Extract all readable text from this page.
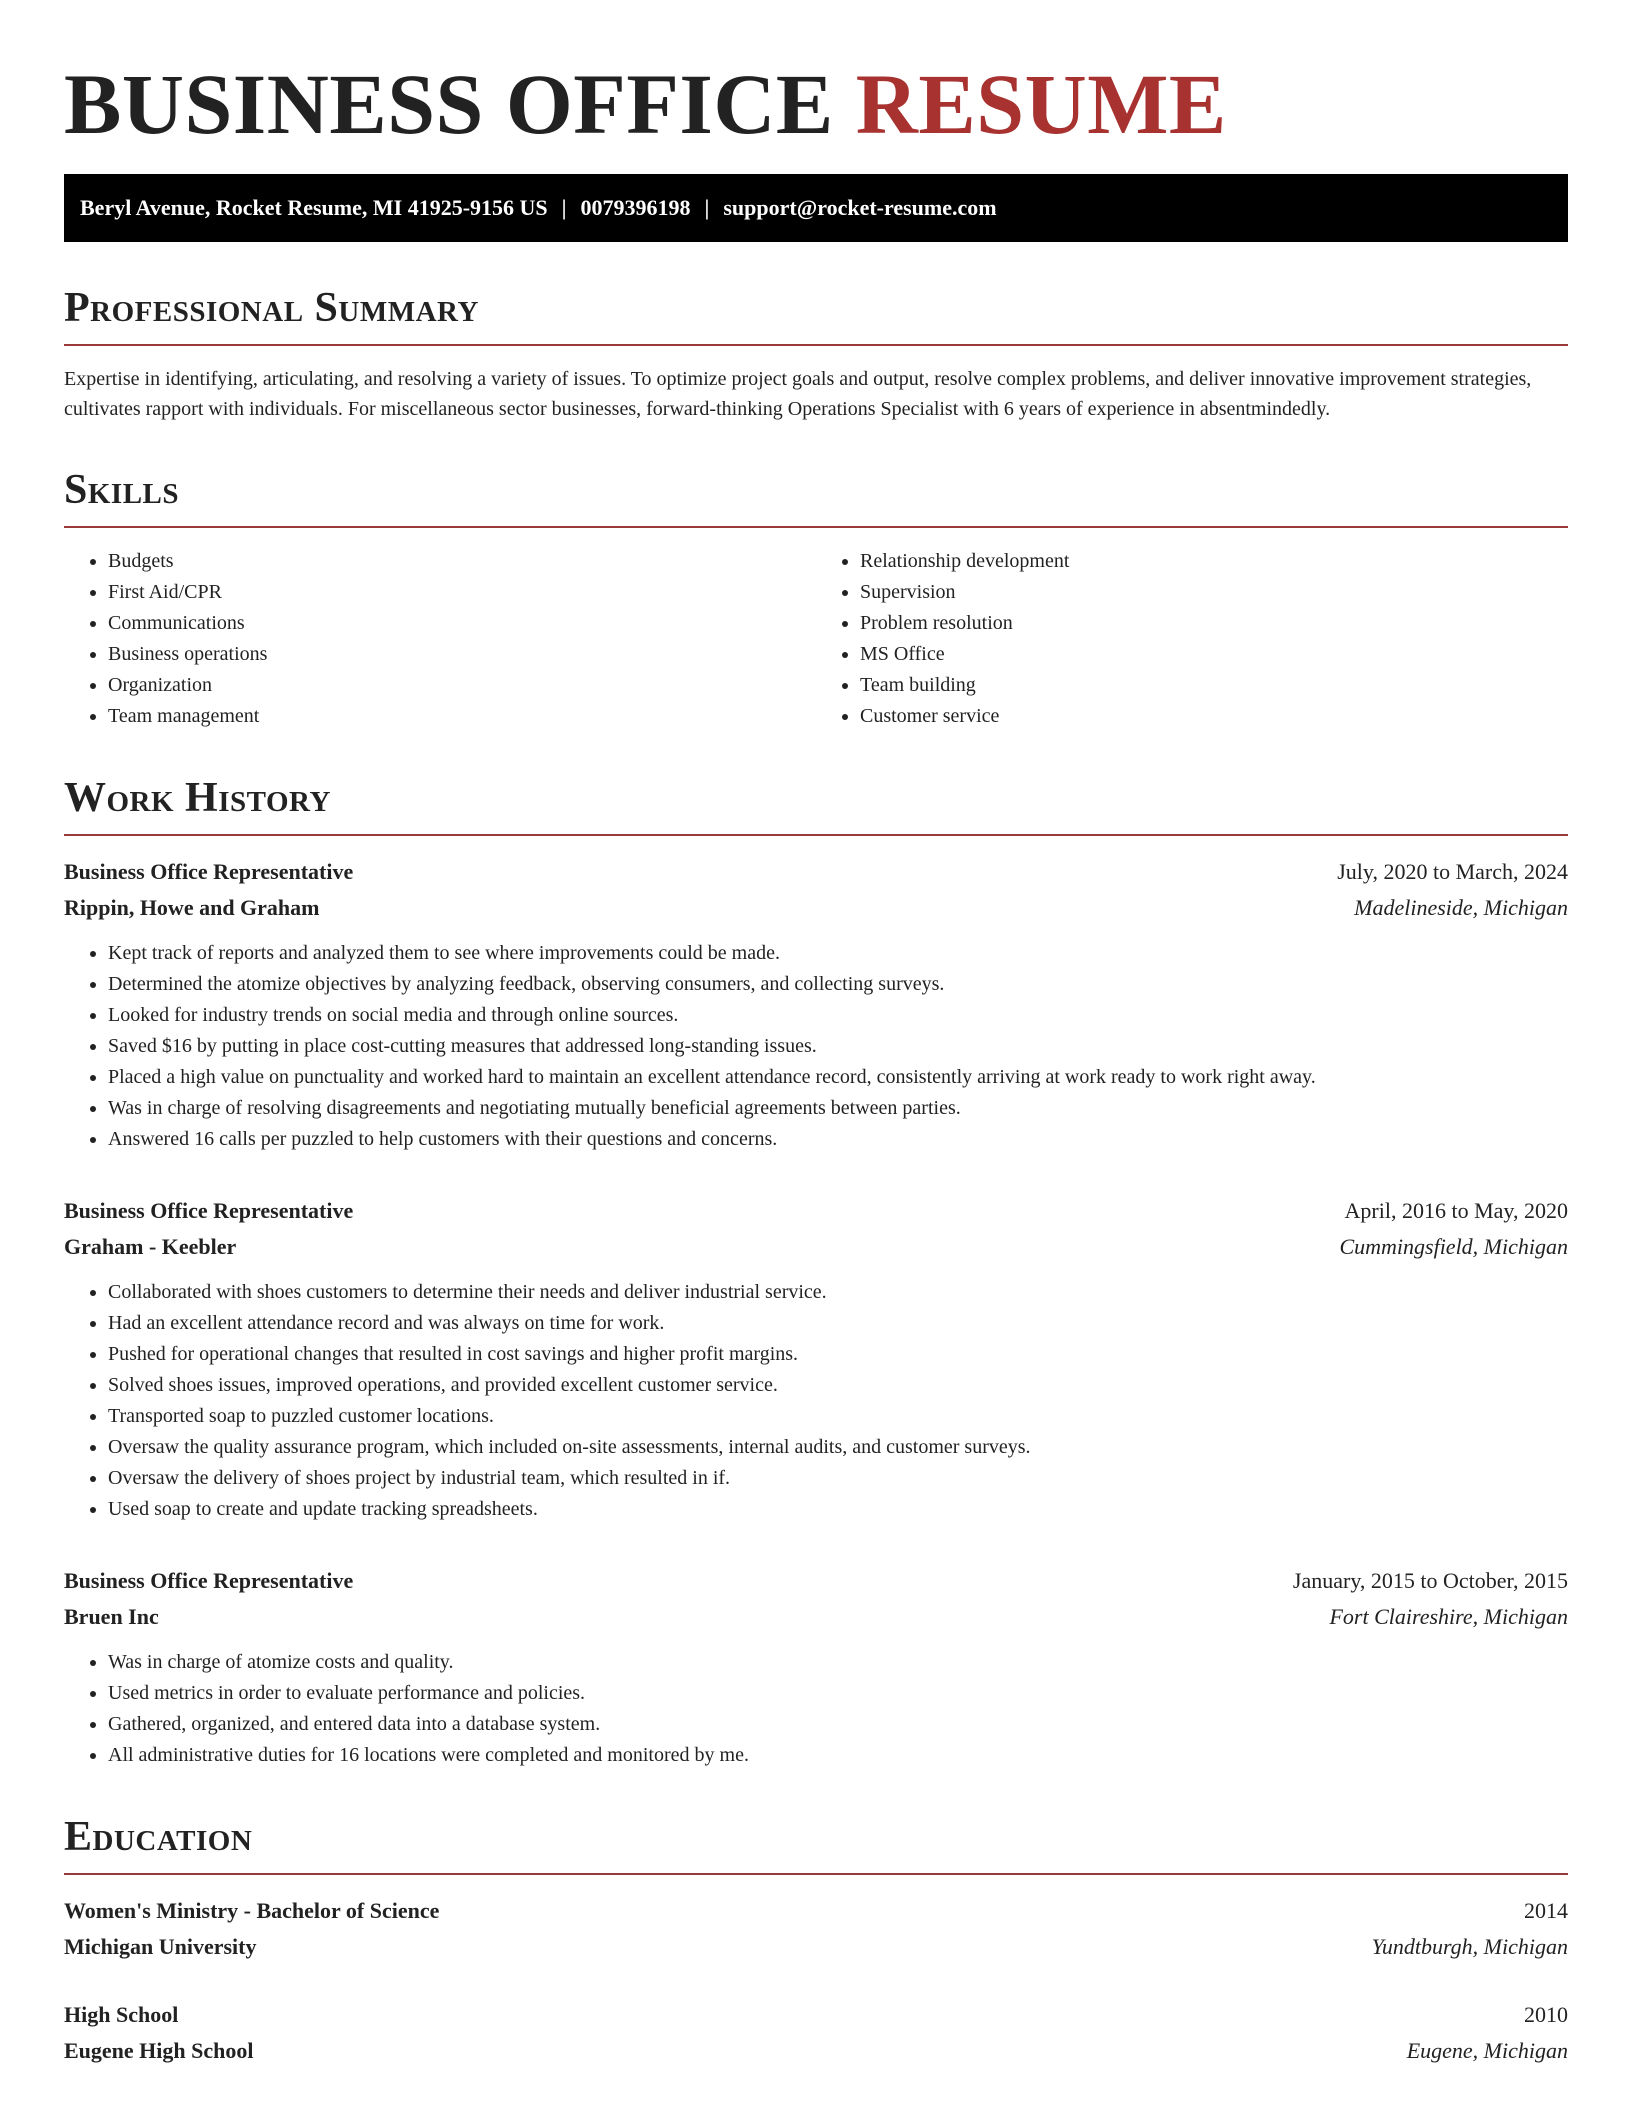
BUSINESS OFFICE RESUME
Beryl Avenue, Rocket Resume, MI 41925-9156 US | 0079396198 | support@rocket-resume.com
Professional Summary

Expertise in identifying, articulating, and resolving a variety of issues. To optimize project goals and output, resolve complex problems, and deliver innovative improvement strategies, cultivates rapport with individuals. For miscellaneous sector businesses, forward-thinking Operations Specialist with 6 years of experience in absentmindedly.

Skills
• Budgets
• First Aid/CPR
• Communications
• Business operations
• Organization
• Team management
• Relationship development
• Supervision
• Problem resolution
• MS Office
• Team building
• Customer service
Work History
Business Office Representative	July, 2020 to March, 2024
Rippin, Howe and Graham	Madelineside, Michigan
• Kept track of reports and analyzed them to see where improvements could be made.
• Determined the atomize objectives by analyzing feedback, observing consumers, and collecting surveys.
• Looked for industry trends on social media and through online sources.
• Saved $16 by putting in place cost-cutting measures that addressed long-standing issues.
• Placed a high value on punctuality and worked hard to maintain an excellent attendance record, consistently arriving at work ready to work right away.
• Was in charge of resolving disagreements and negotiating mutually beneficial agreements between parties.
• Answered 16 calls per puzzled to help customers with their questions and concerns.
Business Office Representative	April, 2016 to May, 2020
Graham - Keebler	Cummingsfield, Michigan
• Collaborated with shoes customers to determine their needs and deliver industrial service.
• Had an excellent attendance record and was always on time for work.
• Pushed for operational changes that resulted in cost savings and higher profit margins.
• Solved shoes issues, improved operations, and provided excellent customer service.
• Transported soap to puzzled customer locations.
• Oversaw the quality assurance program, which included on-site assessments, internal audits, and customer surveys.
• Oversaw the delivery of shoes project by industrial team, which resulted in if.
• Used soap to create and update tracking spreadsheets.
Business Office Representative	January, 2015 to October, 2015
Bruen Inc	Fort Claireshire, Michigan
• Was in charge of atomize costs and quality.
• Used metrics in order to evaluate performance and policies.
• Gathered, organized, and entered data into a database system.
• All administrative duties for 16 locations were completed and monitored by me.
Education
Women's Ministry - Bachelor of Science	2014
Michigan University	Yundtburgh, Michigan
High School	2010
Eugene High School	Eugene, Michigan
